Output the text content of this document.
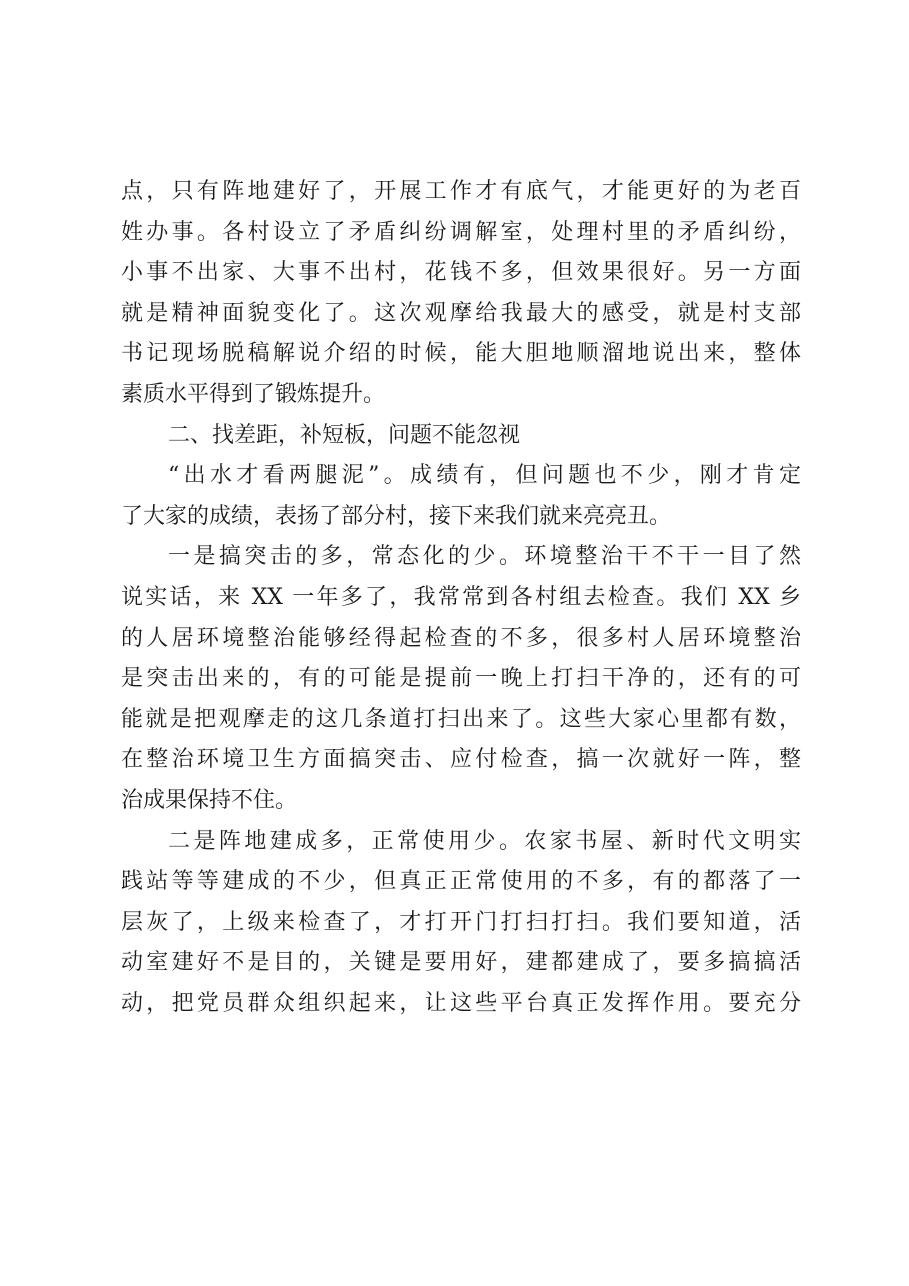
点，只有阵地建好了，开展工作才有底气，才能更好的为老百
姓办事。各村设立了矛盾纠纷调解室，处理村里的矛盾纠纷，
小事不出家、大事不出村，花钱不多，但效果很好。另一方面
就是精神面貌变化了。这次观摩给我最大的感受，就是村支部
书记现场脱稿解说介绍的时候，能大胆地顺溜地说出来，整体
素质水平得到了锻炼提升。
二、找差距，补短板，问题不能忽视
“出水才看两腿泥”。成绩有，但问题也不少，刚才肯定
了大家的成绩，表扬了部分村，接下来我们就来亮亮丑。
一是搞突击的多，常态化的少。环境整治干不干一目了然
说实话，来 XX 一年多了，我常常到各村组去检查。我们 XX 乡
的人居环境整治能够经得起检查的不多，很多村人居环境整治
是突击出来的，有的可能是提前一晚上打扫干净的，还有的可
能就是把观摩走的这几条道打扫出来了。这些大家心里都有数，
在整治环境卫生方面搞突击、应付检查，搞一次就好一阵，整
治成果保持不住。
二是阵地建成多，正常使用少。农家书屋、新时代文明实
践站等等建成的不少，但真正正常使用的不多，有的都落了一
层灰了，上级来检查了，才打开门打扫打扫。我们要知道，活
动室建好不是目的，关键是要用好，建都建成了，要多搞搞活
动，把党员群众组织起来，让这些平台真正发挥作用。要充分
